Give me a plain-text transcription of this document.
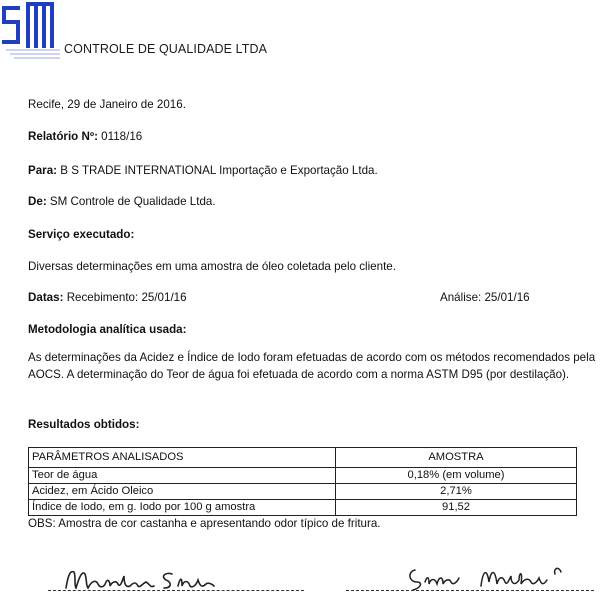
CONTROLE DE QUALIDADE LTDA
Recife, 29 de Janeiro de 2016.
Relatório Nº: 0118/16
Para: B S TRADE INTERNATIONAL Importação e Exportação Ltda.
De: SM Controle de Qualidade Ltda.
Serviço executado:
Diversas determinações em uma amostra de óleo coletada pelo cliente.
Datas: Recebimento: 25/01/16	Análise: 25/01/16
Metodologia analítica usada:
As determinações da Acidez e Índice de Iodo foram efetuadas de acordo com os métodos recomendados pela AOCS. A determinação do Teor de água foi efetuada de acordo com a norma ASTM D95 (por destilação).
Resultados obtidos:
PARÂMETROS ANALISADOS	AMOSTRA
Teor de água	0,18% (em volume)
Acidez, em Ácido Oleico	2,71%
Índice de Iodo, em g. Iodo por 100 g amostra	91,52
OBS: Amostra de cor castanha e apresentando odor típico de fritura.
